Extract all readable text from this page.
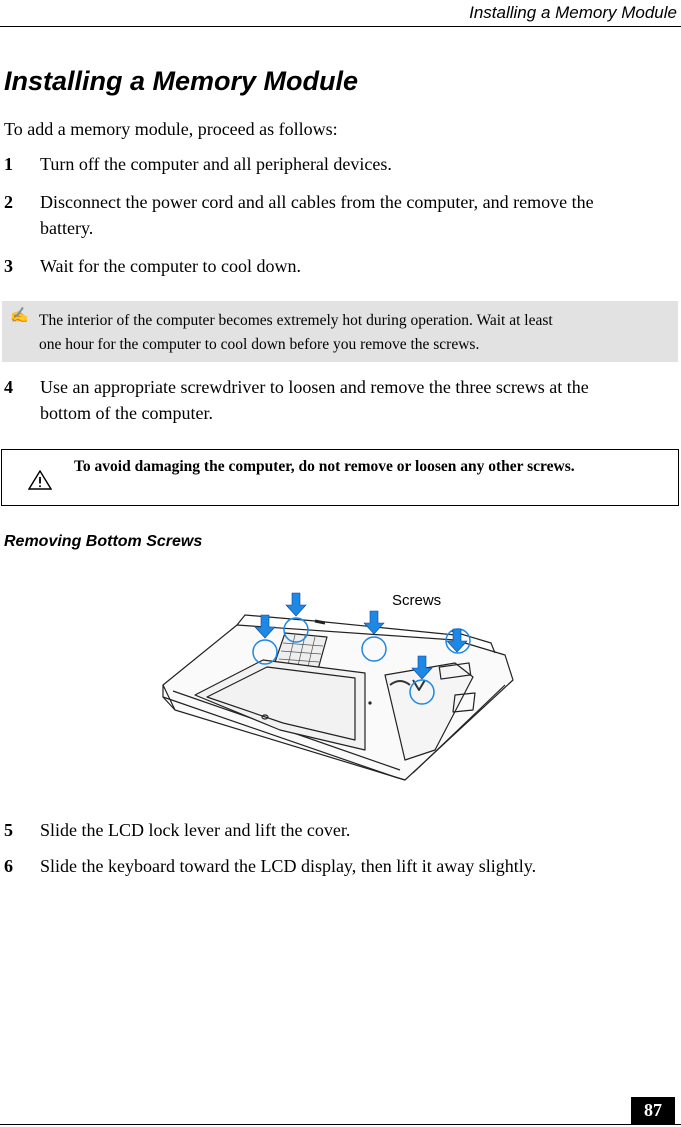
Installing a Memory Module
Installing a Memory Module

To add a memory module, proceed as follows:

1 Turn off the computer and all peripheral devices.

2 Disconnect the power cord and all cables from the computer, and remove the

battery.

3 Wait for the computer to cool down.

✍ The interior of the computer becomes extremely hot during operation. Wait at least
one hour for the computer to cool down before you remove the screws.

4 Use an appropriate screwdriver to loosen and remove the three screws at the

bottom of the computer.

To avoid damaging the computer, do not remove or loosen any other screws.

Removing Bottom Screws

Screws
5 Slide the LCD lock lever and lift the cover.

6 Slide the keyboard toward the LCD display, then lift it away slightly.

87
